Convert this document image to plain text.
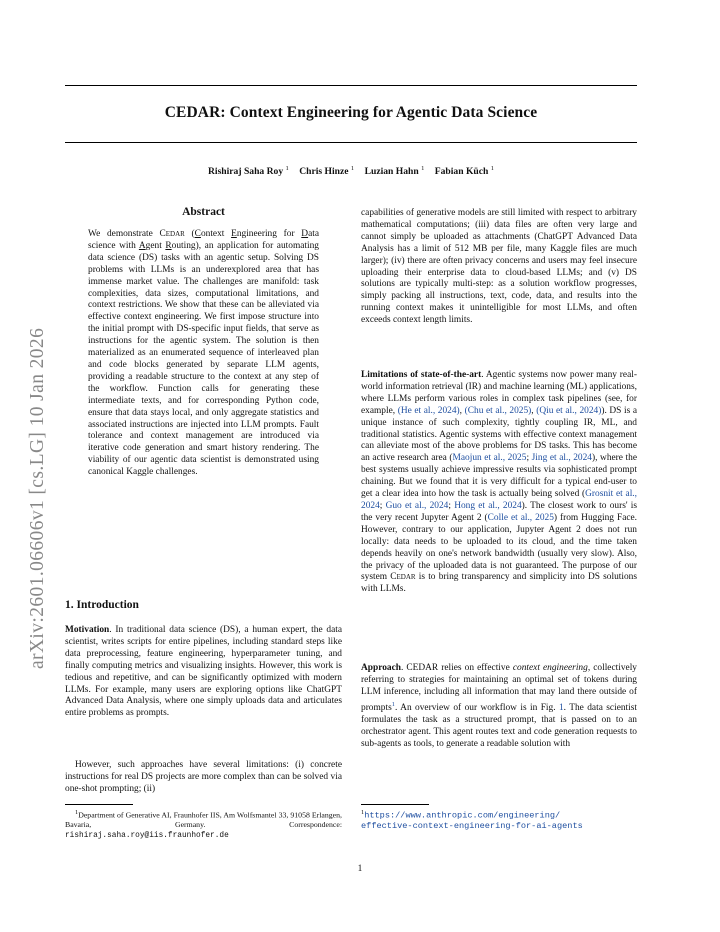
CEDAR: Context Engineering for Agentic Data Science
Rishiraj Saha Roy $^1$ Chris Hinze $^1$ Luzian Hahn $^1$ Fabian Küch $^1$
arXiv:2601.06606v1 [cs.LG] 10 Jan 2026
Abstract
We demonstrate Cedar (Context Engineering for Data science with Agent Routing), an application for automating data science (DS) tasks with an agentic setup. Solving DS problems with LLMs is an underexplored area that has immense market value. The challenges are manifold: task complexities, data sizes, computational limitations, and context restrictions. We show that these can be alleviated via effective context engineering. We first impose structure into the initial prompt with DS-specific input fields, that serve as instructions for the agentic system. The solution is then materialized as an enumerated sequence of interleaved plan and code blocks generated by separate LLM agents, providing a readable structure to the context at any step of the workflow. Function calls for generating these intermediate texts, and for corresponding Python code, ensure that data stays local, and only aggregate statistics and associated instructions are injected into LLM prompts. Fault tolerance and context management are introduced via iterative code generation and smart history rendering. The viability of our agentic data scientist is demonstrated using canonical Kaggle challenges.
1. Introduction
Motivation. In traditional data science (DS), a human expert, the data scientist, writes scripts for entire pipelines, including standard steps like data preprocessing, feature engineering, hyperparameter tuning, and finally computing metrics and visualizing insights. However, this work is tedious and repetitive, and can be significantly optimized with modern LLMs. For example, many users are exploring options like ChatGPT Advanced Data Analysis, where one simply uploads data and articulates entire problems as prompts.
However, such approaches have several limitations: (i) concrete instructions for real DS projects are more complex than can be solved via one-shot prompting; (ii)
$^1$Department of Generative AI, Fraunhofer IIS, Am Wolfsmantel 33, 91058 Erlangen, Bavaria, Germany. Correspondence: rishiraj.saha.roy@iis.fraunhofer.de
capabilities of generative models are still limited with respect to arbitrary mathematical computations; (iii) data files are often very large and cannot simply be uploaded as attachments (ChatGPT Advanced Data Analysis has a limit of 512 MB per file, many Kaggle files are much larger); (iv) there are often privacy concerns and users may feel insecure uploading their enterprise data to cloud-based LLMs; and (v) DS solutions are typically multi-step: as a solution workflow progresses, simply packing all instructions, text, code, data, and results into the running context makes it unintelligible for most LLMs, and often exceeds context length limits.
Limitations of state-of-the-art. Agentic systems now power many real-world information retrieval (IR) and machine learning (ML) applications, where LLMs perform various roles in complex task pipelines (see, for example, (He et al., 2024), (Chu et al., 2025), (Qiu et al., 2024)). DS is a unique instance of such complexity, tightly coupling IR, ML, and traditional statistics. Agentic systems with effective context management can alleviate most of the above problems for DS tasks. This has become an active research area (Maojun et al., 2025; Jing et al., 2024), where the best systems usually achieve impressive results via sophisticated prompt chaining. But we found that it is very difficult for a typical end-user to get a clear idea into how the task is actually being solved (Grosnit et al., 2024; Guo et al., 2024; Hong et al., 2024). The closest work to ours' is the very recent Jupyter Agent 2 (Colle et al., 2025) from Hugging Face. However, contrary to our application, Jupyter Agent 2 does not run locally: data needs to be uploaded to its cloud, and the time taken depends heavily on one's network bandwidth (usually very slow). Also, the privacy of the uploaded data is not guaranteed. The purpose of our system Cedar is to bring transparency and simplicity into DS solutions with LLMs.
Approach. CEDAR relies on effective context engineering, collectively referring to strategies for maintaining an optimal set of tokens during LLM inference, including all information that may land there outside of prompts$^1$. An overview of our workflow is in Fig. 1. The data scientist formulates the task as a structured prompt, that is passed on to an orchestrator agent. This agent routes text and code generation requests to sub-agents as tools, to generate a readable solution with
$^1$https://www.anthropic.com/engineering/
effective-context-engineering-for-ai-agents
1
